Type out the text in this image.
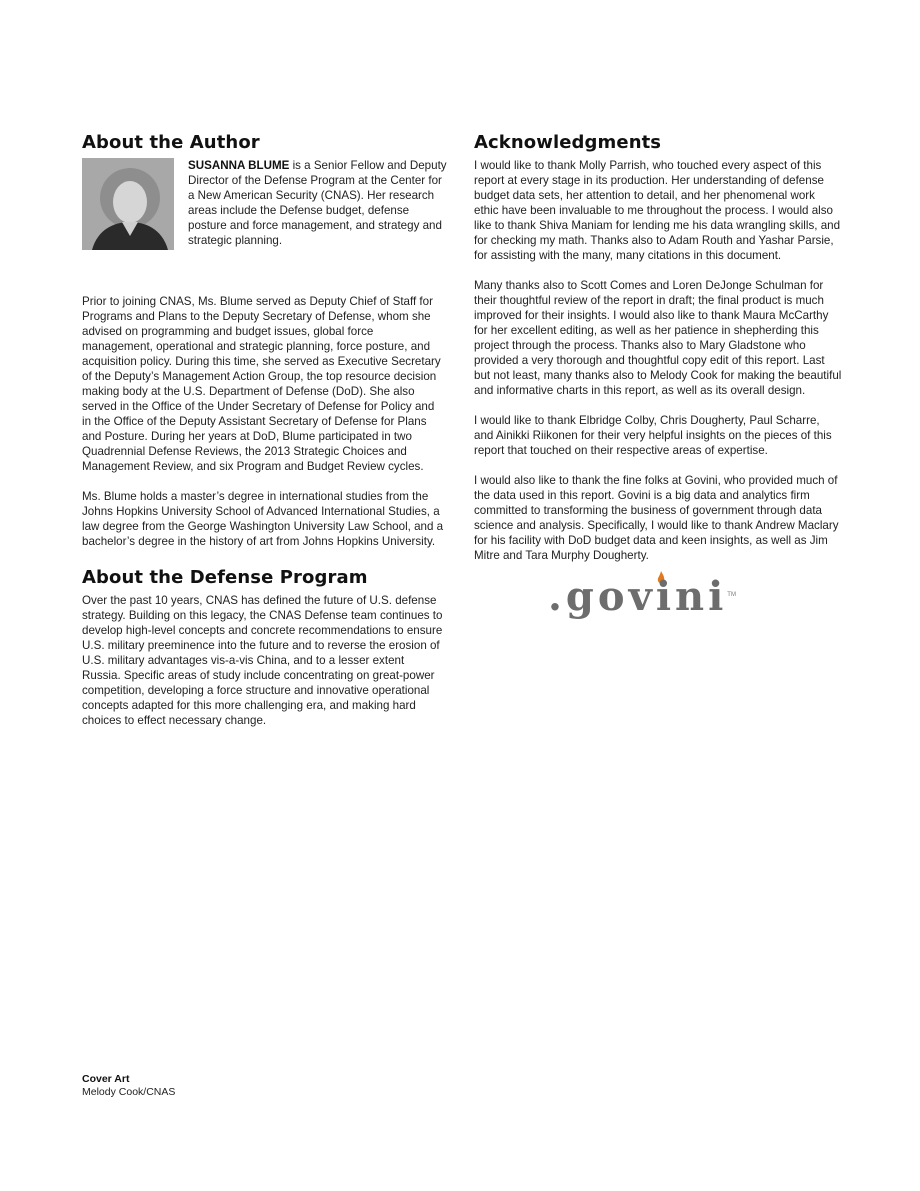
About the Author

SUSANNA BLUME is a Senior Fellow and Deputy Director of the Defense Program at the Center for a New American Security (CNAS). Her research areas include the Defense budget, defense posture and force management, and strategy and strategic planning.

Prior to joining CNAS, Ms. Blume served as Deputy Chief of Staff for Programs and Plans to the Deputy Secretary of Defense, whom she advised on programming and budget issues, global force management, operational and strategic planning, force posture, and acquisition policy. During this time, she served as Executive Secretary of the Deputy’s Management Action Group, the top resource decision making body at the U.S. Department of Defense (DoD). She also served in the Office of the Under Secretary of Defense for Policy and in the Office of the Deputy Assistant Secretary of Defense for Plans and Posture. During her years at DoD, Blume participated in two Quadrennial Defense Reviews, the 2013 Strategic Choices and Management Review, and six Program and Budget Review cycles.

Ms. Blume holds a master’s degree in international studies from the Johns Hopkins University School of Advanced International Studies, a law degree from the George Washington University Law School, and a bachelor’s degree in the history of art from Johns Hopkins University.

About the Defense Program

Over the past 10 years, CNAS has defined the future of U.S. defense strategy. Building on this legacy, the CNAS Defense team continues to develop high-level concepts and concrete recommendations to ensure U.S. military preeminence into the future and to reverse the erosion of U.S. military advantages vis-a-vis China, and to a lesser extent Russia. Specific areas of study include concentrating on great-power competition, developing a force structure and innovative operational concepts adapted for this more challenging era, and making hard choices to effect necessary change.

Acknowledgments

I would like to thank Molly Parrish, who touched every aspect of this report at every stage in its production. Her understanding of defense budget data sets, her attention to detail, and her phenomenal work ethic have been invaluable to me throughout the process. I would also like to thank Shiva Maniam for lending me his data wrangling skills, and for checking my math. Thanks also to Adam Routh and Yashar Parsie, for assisting with the many, many citations in this document.

Many thanks also to Scott Comes and Loren DeJonge Schulman for their thoughtful review of the report in draft; the final product is much improved for their insights. I would also like to thank Maura McCarthy for her excellent editing, as well as her patience in shepherding this project through the process. Thanks also to Mary Gladstone who provided a very thorough and thoughtful copy edit of this report. Last but not least, many thanks also to Melody Cook for making the beautiful and informative charts in this report, as well as its overall design.

I would like to thank Elbridge Colby, Chris Dougherty, Paul Scharre, and Ainikki Riikonen for their very helpful insights on the pieces of this report that touched on their respective areas of expertise.

I would also like to thank the fine folks at Govini, who provided much of the data used in this report. Govini is a big data and analytics firm committed to transforming the business of government through data science and analysis. Specifically, I would like to thank Andrew Maclary for his facility with DoD budget data and keen insights, as well as Jim Mitre and Tara Murphy Dougherty.

.govini TM
Cover Art
Melody Cook/CNAS
